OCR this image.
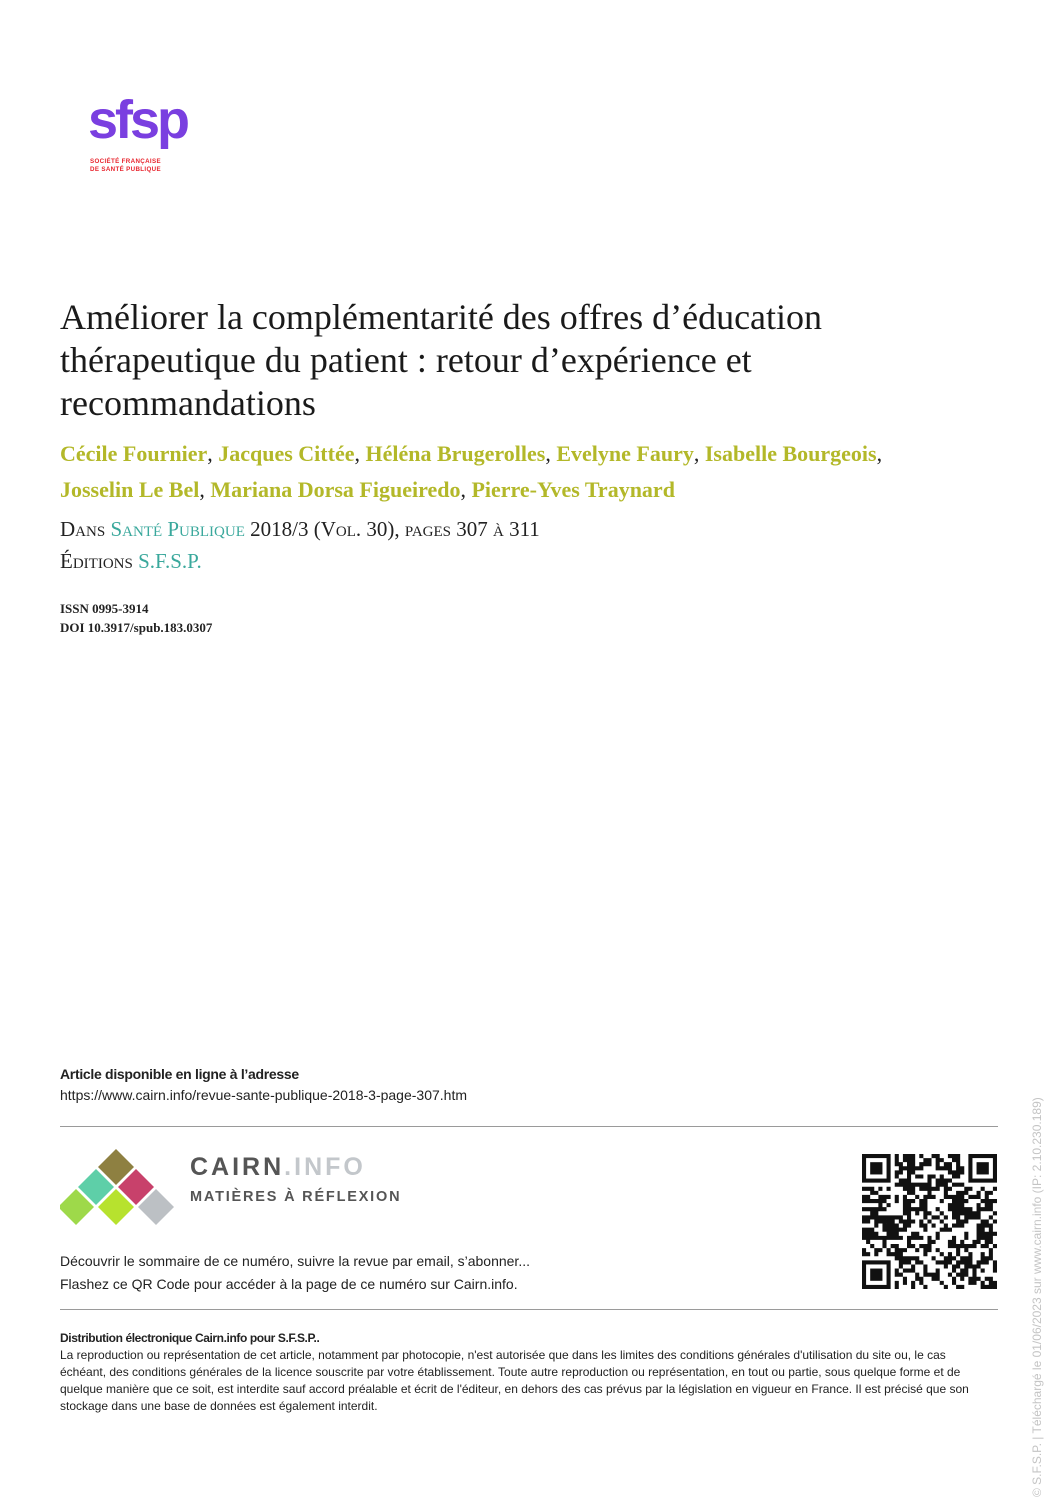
sfsp
SOCIÉTÉ FRANÇAISE
DE SANTÉ PUBLIQUE
Améliorer la complémentarité des offres d’éducation thérapeutique du patient : retour d’expérience et recommandations
Cécile Fournier, Jacques Cittée, Héléna Brugerolles, Evelyne Faury, Isabelle Bourgeois,
Josselin Le Bel, Mariana Dorsa Figueiredo, Pierre-Yves Traynard
Dans Santé Publique 2018/3 (Vol. 30), pages 307 à 311
Éditions S.F.S.P.
ISSN 0995-3914
DOI 10.3917/spub.183.0307
Article disponible en ligne à l’adresse
https://www.cairn.info/revue-sante-publique-2018-3-page-307.htm
CAIRN.INFO
MATIÈRES À RÉFLEXION
Découvrir le sommaire de ce numéro, suivre la revue par email, s’abonner...
Flashez ce QR Code pour accéder à la page de ce numéro sur Cairn.info.
Distribution électronique Cairn.info pour S.F.S.P..
La reproduction ou représentation de cet article, notamment par photocopie, n'est autorisée que dans les limites des conditions générales d'utilisation du site ou, le cas échéant, des conditions générales de la licence souscrite par votre établissement. Toute autre reproduction ou représentation, en tout ou partie, sous quelque forme et de quelque manière que ce soit, est interdite sauf accord préalable et écrit de l'éditeur, en dehors des cas prévus par la législation en vigueur en France. Il est précisé que son stockage dans une base de données est également interdit.	© S.F.S.P. | Téléchargé le 01/06/2023 sur www.cairn.info (IP: 2.10.230.189)
